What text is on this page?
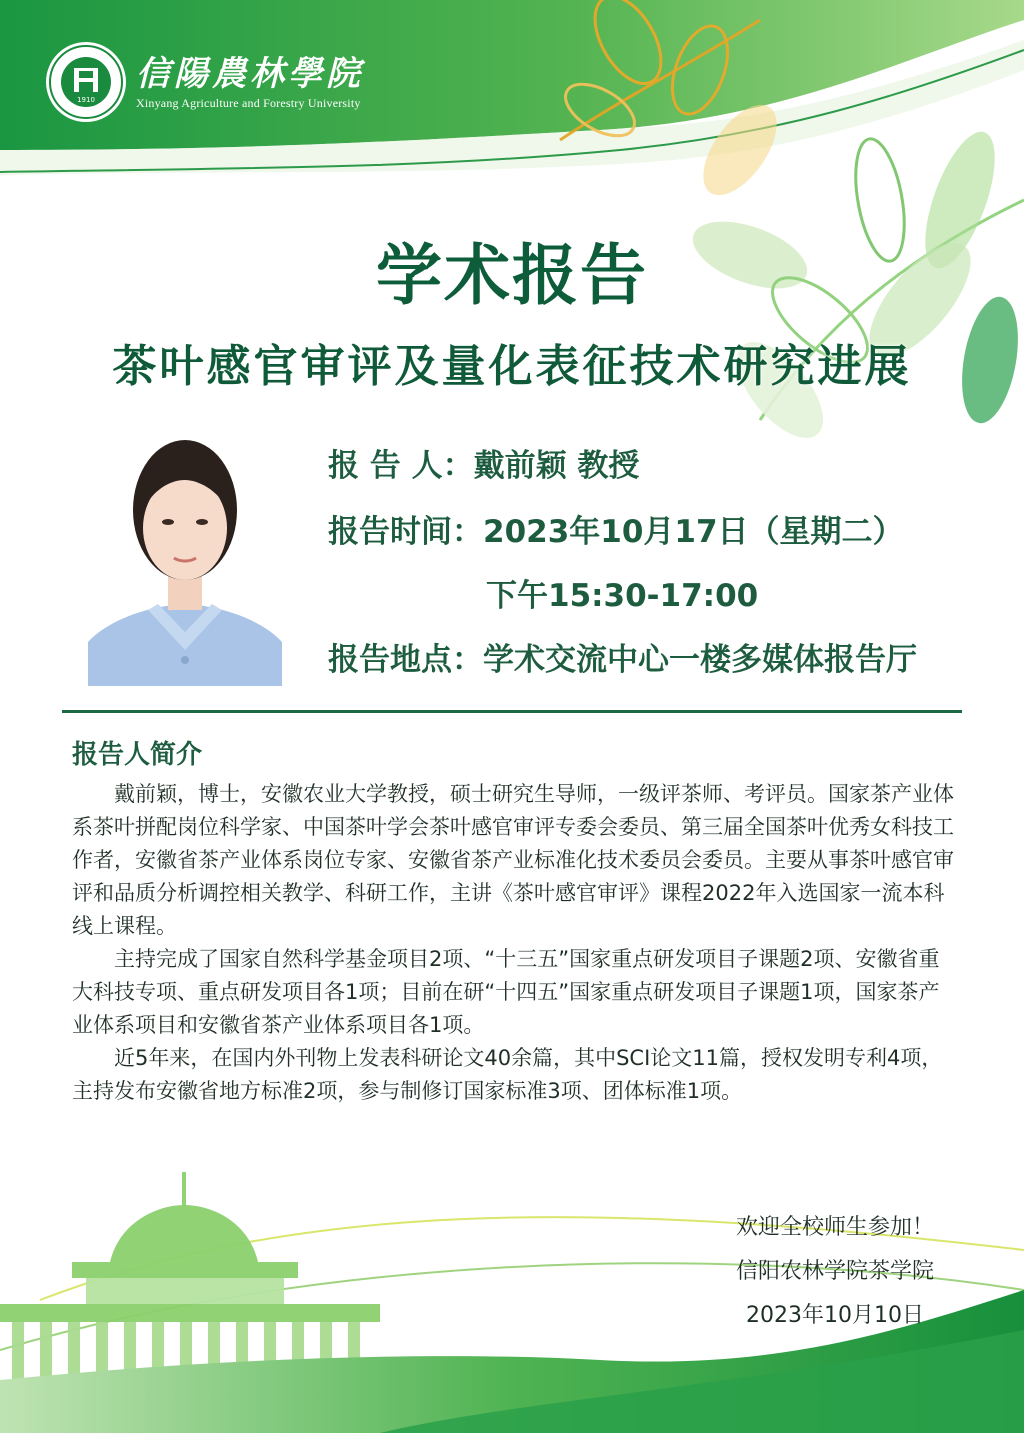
1910
信陽農林學院
Xinyang Agriculture and Forestry University
学术报告
茶叶感官审评及量化表征技术研究进展
报 告 人：戴前颖 教授
报告时间：2023年10月17日（星期二）
下午15:30-17:00
报告地点：学术交流中心一楼多媒体报告厅
报告人简介

戴前颖，博士，安徽农业大学教授，硕士研究生导师，一级评茶师、考评员。国家茶产业体系茶叶拼配岗位科学家、中国茶叶学会茶叶感官审评专委会委员、第三届全国茶叶优秀女科技工作者，安徽省茶产业体系岗位专家、安徽省茶产业标准化技术委员会委员。主要从事茶叶感官审评和品质分析调控相关教学、科研工作，主讲《茶叶感官审评》课程2022年入选国家一流本科线上课程。

主持完成了国家自然科学基金项目2项、“十三五”国家重点研发项目子课题2项、安徽省重大科技专项、重点研发项目各1项；目前在研“十四五”国家重点研发项目子课题1项，国家茶产业体系项目和安徽省茶产业体系项目各1项。

近5年来，在国内外刊物上发表科研论文40余篇，其中SCI论文11篇，授权发明专利4项，主持发布安徽省地方标准2项，参与制修订国家标准3项、团体标准1项。

欢迎全校师生参加！
信阳农林学院茶学院
2023年10月10日
